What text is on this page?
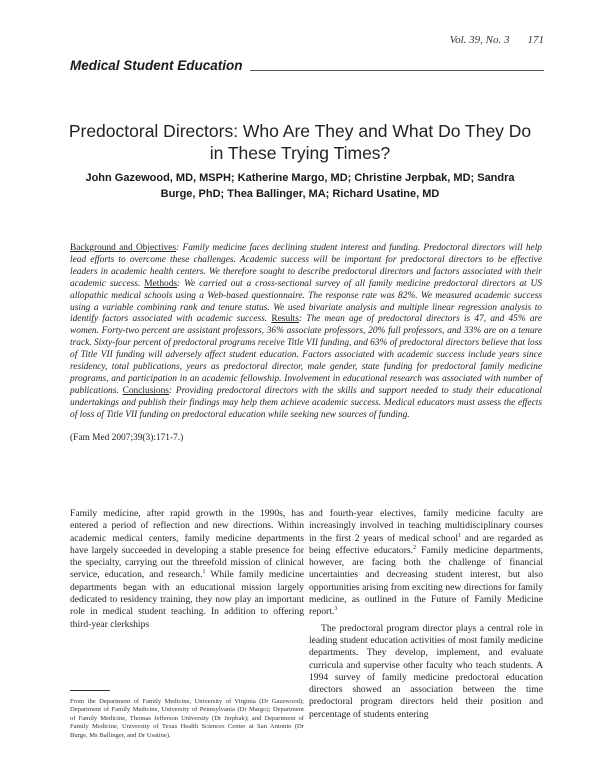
Vol. 39, No. 3 171
Medical Student Education
Predoctoral Directors: Who Are They and What Do They Do in These Trying Times?
John Gazewood, MD, MSPH; Katherine Margo, MD; Christine Jerpbak, MD; Sandra Burge, PhD; Thea Ballinger, MA; Richard Usatine, MD
Background and Objectives: Family medicine faces declining student interest and funding. Predoctoral directors will help lead efforts to overcome these challenges. Academic success will be important for predoctoral directors to be effective leaders in academic health centers. We therefore sought to describe predoctoral directors and factors associated with their academic success. Methods: We carried out a cross-sectional survey of all family medicine predoctoral directors at US allopathic medical schools using a Web-based questionnaire. The response rate was 82%. We measured academic success using a variable combining rank and tenure status. We used bivariate analysis and multiple linear regression analysis to identify factors associated with academic success. Results: The mean age of predoctoral directors is 47, and 45% are women. Forty-two percent are assistant professors, 36% associate professors, 20% full professors, and 33% are on a tenure track. Sixty-four percent of predoctoral programs receive Title VII funding, and 63% of predoctoral directors believe that loss of Title VII funding will adversely affect student education. Factors associated with academic success include years since residency, total publications, years as predoctoral director, male gender, state funding for predoctoral family medicine programs, and participation in an academic fellowship. Involvement in educational research was associated with number of publications. Conclusions: Providing predoctoral directors with the skills and support needed to study their educational undertakings and publish their findings may help them achieve academic success. Medical educators must assess the effects of loss of Title VII funding on predoctoral education while seeking new sources of funding.
(Fam Med 2007;39(3):171-7.)

Family medicine, after rapid growth in the 1990s, has entered a period of reflection and new directions. Within academic medical centers, family medicine departments have largely succeeded in developing a stable presence for the specialty, carrying out the threefold mission of clinical service, education, and research.$^1$ While family medicine departments began with an educational mission largely dedicated to residency training, they now play an important role in medical student teaching. In addition to offering third-year clerkships

and fourth-year electives, family medicine faculty are increasingly involved in teaching multidisciplinary courses in the first 2 years of medical school$^1$ and are regarded as being effective educators.$^2$ Family medicine departments, however, are facing both the challenge of financial uncertainties and decreasing student interest, but also opportunities arising from exciting new directions for family medicine, as outlined in the Future of Family Medicine report.$^3$

The predoctoral program director plays a central role in leading student education activities of most family medicine departments. They develop, implement, and evaluate curricula and supervise other faculty who teach students. A 1994 survey of family medicine predoctoral education directors showed an association between the time predoctoral program directors held their position and percentage of students entering

From the Department of Family Medicine, University of Virginia (Dr Gazewood); Department of Family Medicine, University of Pennsylvania (Dr Margo); Department of Family Medicine, Thomas Jefferson University (Dr Jerpbak); and Department of Family Medicine, University of Texas Health Sciences Center at San Antonio (Dr Burge, Ms Ballinger, and Dr Usatine).
